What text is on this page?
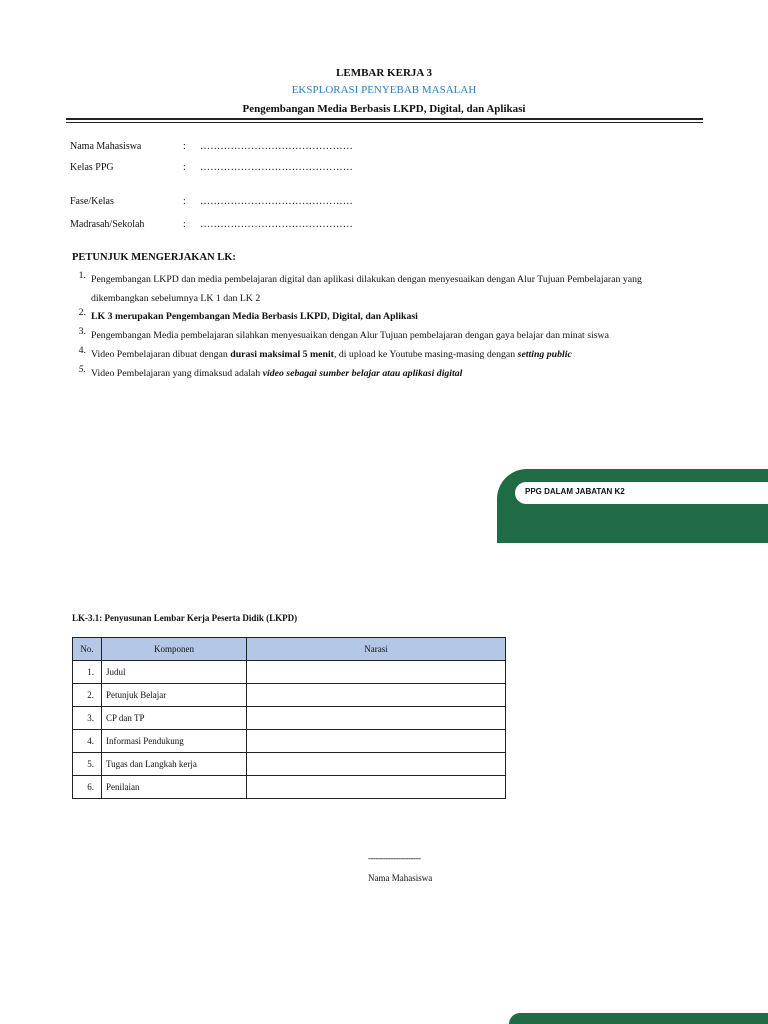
LEMBAR KERJA 3
EKSPLORASI PENYEBAB MASALAH
Pengembangan Media Berbasis LKPD, Digital, dan Aplikasi
Nama Mahasiswa	: ………………………………………
Kelas PPG	: ………………………………………
Fase/Kelas	: ………………………………………
Madrasah/Sekolah	: ………………………………………
PETUNJUK MENGERJAKAN LK:
1. Pengembangan LKPD dan media pembelajaran digital dan aplikasi dilakukan dengan menyesuaikan dengan Alur Tujuan Pembelajaran yang dikembangkan sebelumnya LK 1 dan LK 2
2. LK 3 merupakan Pengembangan Media Berbasis LKPD, Digital, dan Aplikasi
3. Pengembangan Media pembelajaran silahkan menyesuaikan dengan Alur Tujuan pembelajaran dengan gaya belajar dan minat siswa
4. Video Pembelajaran dibuat dengan durasi maksimal 5 menit, di upload ke Youtube masing-masing dengan setting public
5. Video Pembelajaran yang dimaksud adalah video sebagai sumber belajar atau aplikasi digital
PPG DALAM JABATAN K2
LK-3.1: Penyusunan Lembar Kerja Peserta Didik (LKPD)
No.	Komponen	Narasi
1.	Judul	
2.	Petunjuk Belajar	
3.	CP dan TP	
4.	Informasi Pendukung	
5.	Tugas dan Langkah kerja	
6.	Penilaian	
---------------------
Nama Mahasiswa
